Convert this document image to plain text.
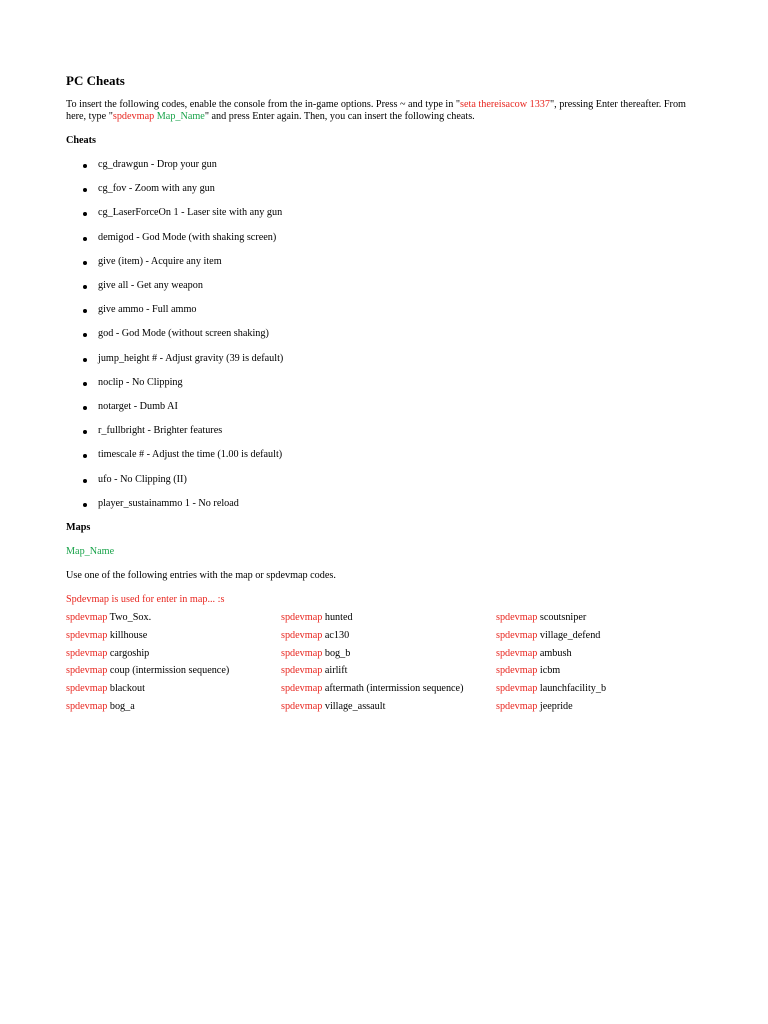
PC Cheats

To insert the following codes, enable the console from the in-game options. Press ~ and type in "seta thereisacow 1337", pressing Enter thereafter. From here, type "spdevmap Map_Name" and press Enter again. Then, you can insert the following cheats.

Cheats
cg_drawgun - Drop your gun
cg_fov - Zoom with any gun
cg_LaserForceOn 1 - Laser site with any gun
demigod - God Mode (with shaking screen)
give (item) - Acquire any item
give all - Get any weapon
give ammo - Full ammo
god - God Mode (without screen shaking)
jump_height # - Adjust gravity (39 is default)
noclip - No Clipping
notarget - Dumb AI
r_fullbright - Brighter features
timescale # - Adjust the time (1.00 is default)
ufo - No Clipping (II)
player_sustainammo 1 - No reload
Maps
Map_Name
Use one of the following entries with the map or spdevmap codes.
Spdevmap is used for enter in map... :s
spdevmap Two_Sox.	spdevmap hunted	spdevmap scoutsniper
spdevmap killhouse	spdevmap ac130	spdevmap village_defend
spdevmap cargoship	spdevmap bog_b	spdevmap ambush
spdevmap coup (intermission sequence)	spdevmap airlift	spdevmap icbm
spdevmap blackout	spdevmap aftermath (intermission sequence)	spdevmap launchfacility_b
spdevmap bog_a	spdevmap village_assault	spdevmap jeepride
